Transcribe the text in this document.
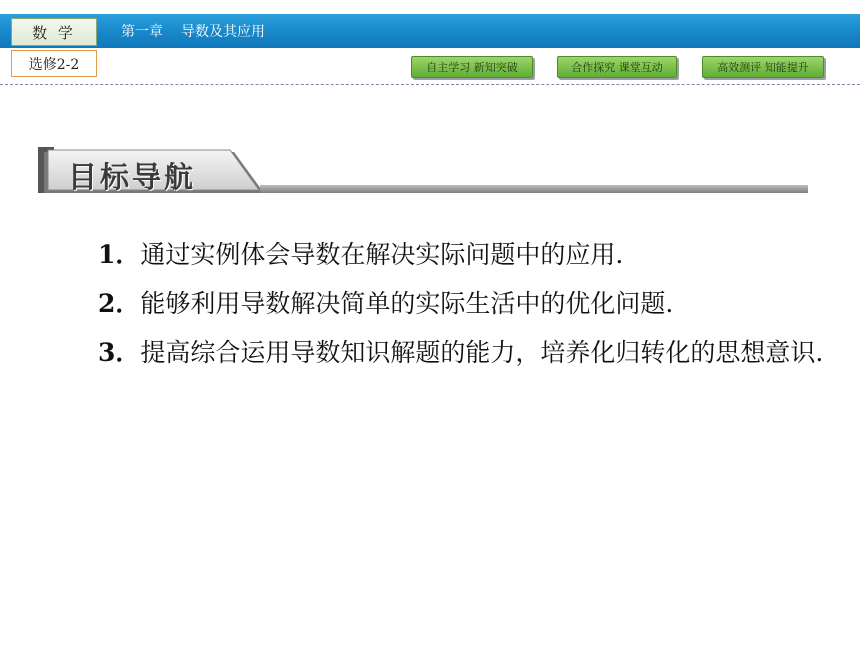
数 学	第一章 导数及其应用
选修2-2	自主学习 新知突破	合作探究 课堂互动	高效测评 知能提升
目标导航

1．通过实例体会导数在解决实际问题中的应用.

2．能够利用导数解决简单的实际生活中的优化问题.

3．提高综合运用导数知识解题的能力，培养化归转化的思想意识.
